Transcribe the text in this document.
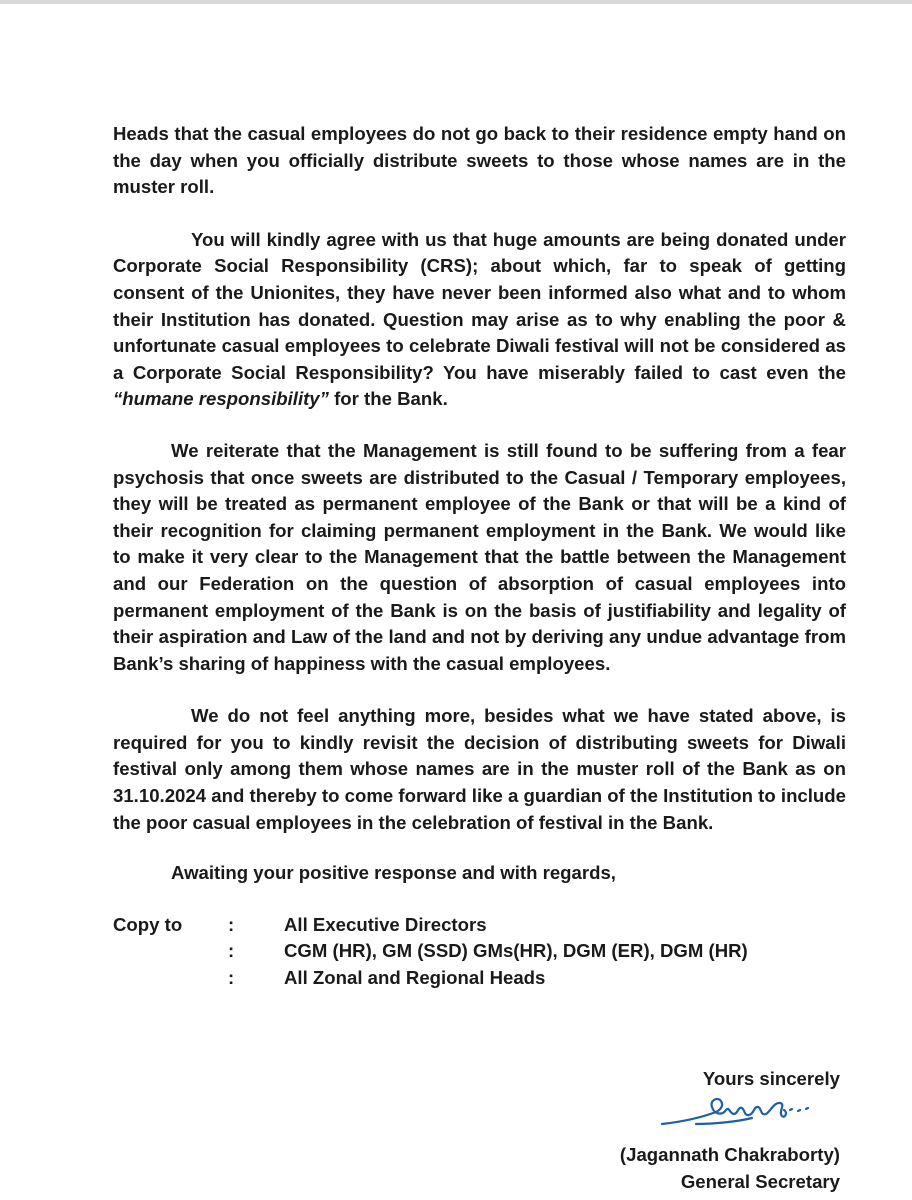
Heads that the casual employees do not go back to their residence empty hand on the day when you officially distribute sweets to those whose names are in the muster roll.

You will kindly agree with us that huge amounts are being donated under Corporate Social Responsibility (CRS); about which, far to speak of getting consent of the Unionites, they have never been informed also what and to whom their Institution has donated. Question may arise as to why enabling the poor & unfortunate casual employees to celebrate Diwali festival will not be considered as a Corporate Social Responsibility? You have miserably failed to cast even the “humane responsibility” for the Bank.

We reiterate that the Management is still found to be suffering from a fear psychosis that once sweets are distributed to the Casual / Temporary employees, they will be treated as permanent employee of the Bank or that will be a kind of their recognition for claiming permanent employment in the Bank. We would like to make it very clear to the Management that the battle between the Management and our Federation on the question of absorption of casual employees into permanent employment of the Bank is on the basis of justifiability and legality of their aspiration and Law of the land and not by deriving any undue advantage from Bank’s sharing of happiness with the casual employees.

We do not feel anything more, besides what we have stated above, is required for you to kindly revisit the decision of distributing sweets for Diwali festival only among them whose names are in the muster roll of the Bank as on 31.10.2024 and thereby to come forward like a guardian of the Institution to include the poor casual employees in the celebration of festival in the Bank.

Awaiting your positive response and with regards,

Copy to	:	All Executive Directors
:	CGM (HR), GM (SSD) GMs(HR), DGM (ER), DGM (HR)
:	All Zonal and Regional Heads
Yours sincerely
(Jagannath Chakraborty)
General Secretary
